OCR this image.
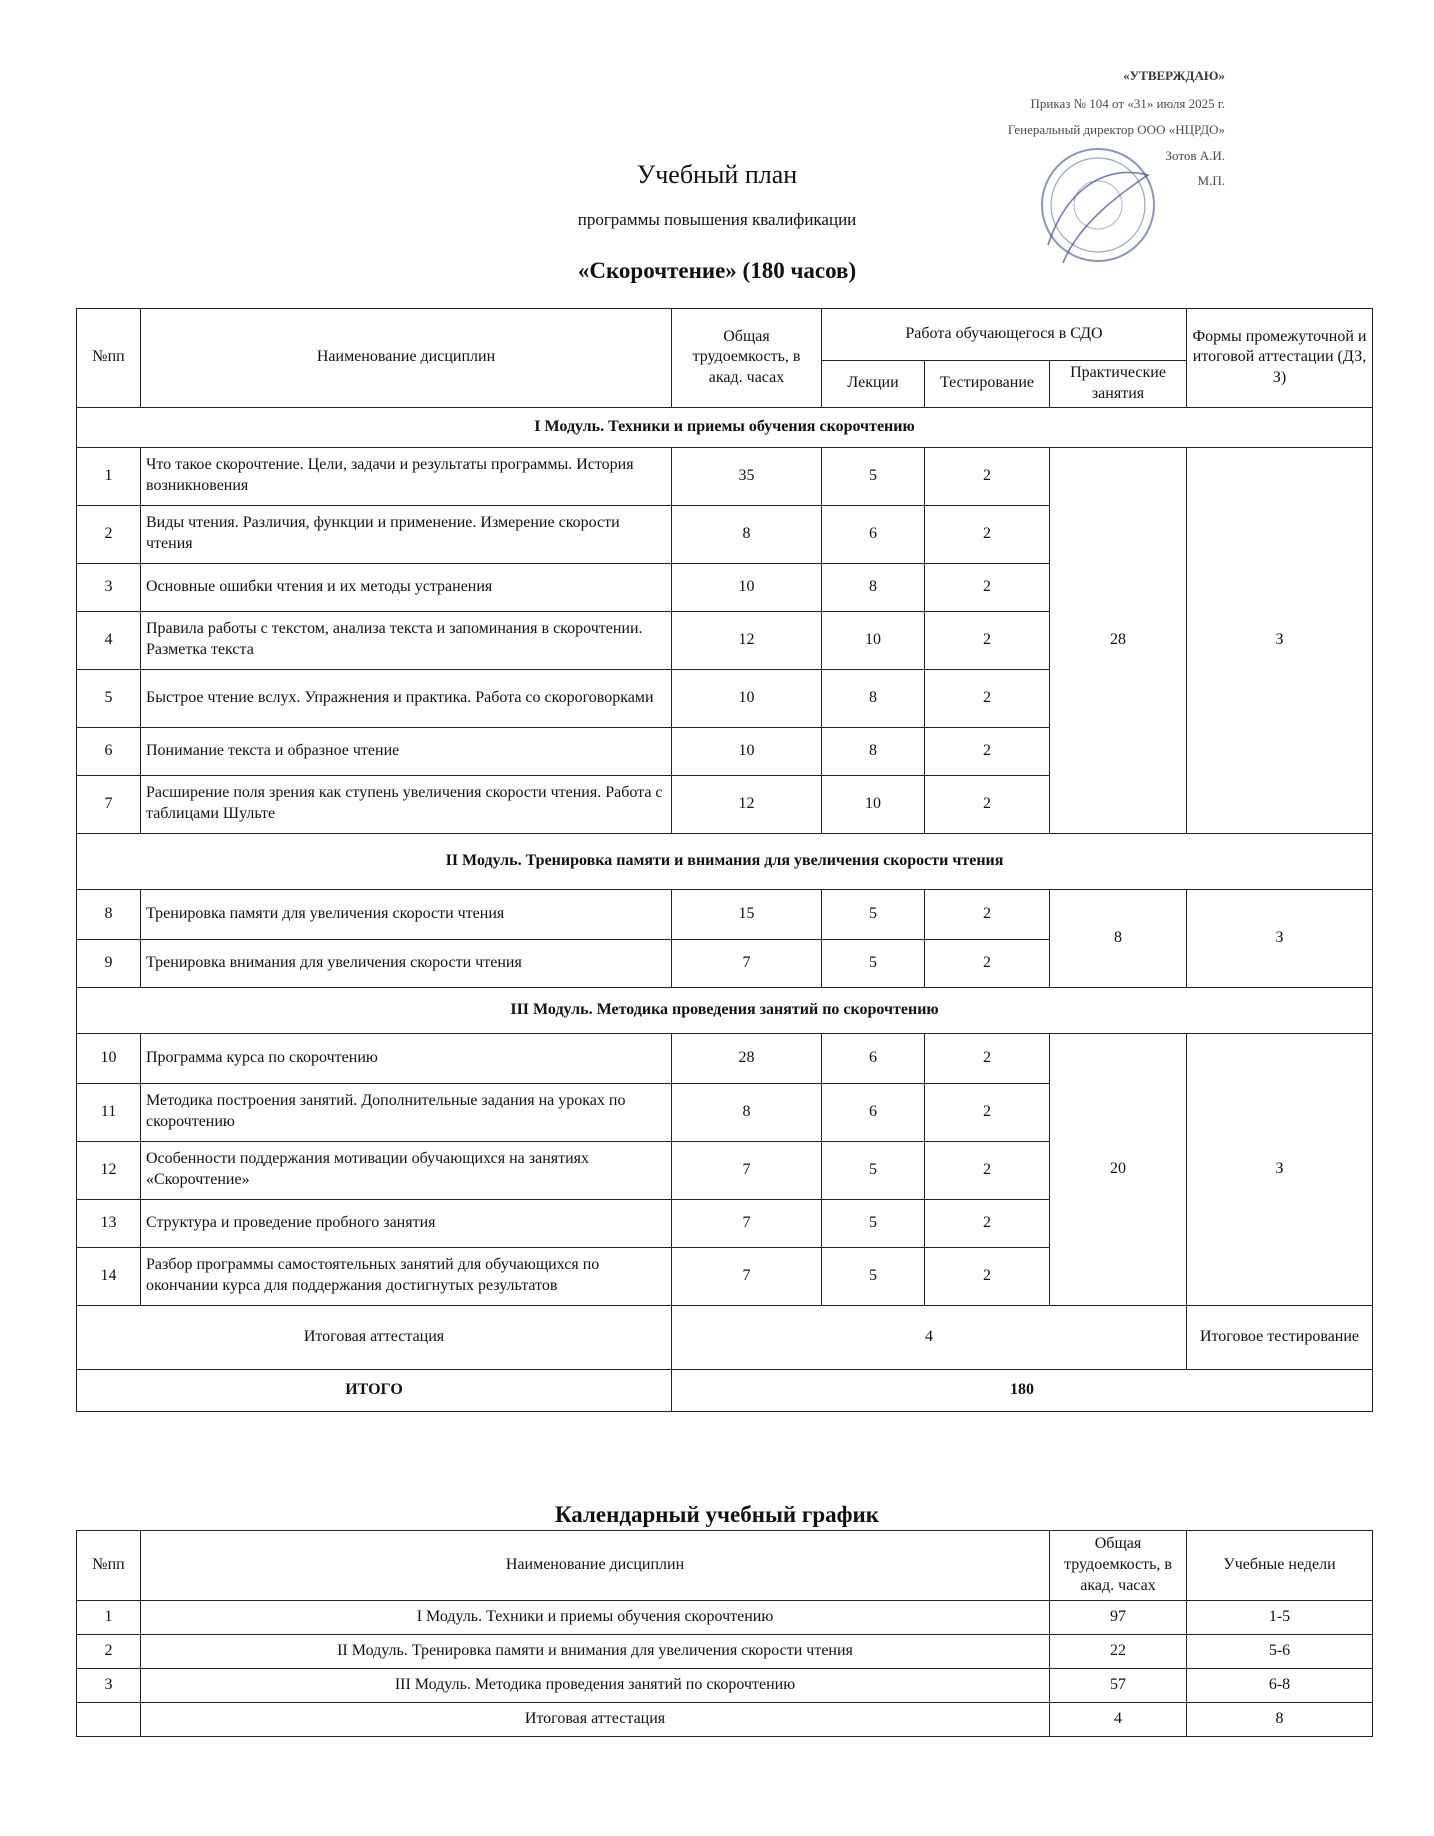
«УТВЕРЖДАЮ»
Приказ № 104 от «31» июля 2025 г.
Генеральный директор ООО «НЦРДО»
Зотов А.И.
М.П.
Учебный план
программы повышения квалификации
«Скорочтение» (180 часов)
№пп	Наименование дисциплин	Общая трудоемкость, в акад. часах	Работа обучающегося в СДО			Формы промежуточной и итоговой аттестации (ДЗ, З)
			Лекции	Тестирование	Практические занятия	
I Модуль. Техники и приемы обучения скорочтению						
1	Что такое скорочтение. Цели, задачи и результаты программы. История возникновения	35	5	2	28	З
2	Виды чтения. Различия, функции и применение. Измерение скорости чтения	8	6	2		
3	Основные ошибки чтения и их методы устранения	10	8	2		
4	Правила работы с текстом, анализа текста и запоминания в скорочтении. Разметка текста	12	10	2		
5	Быстрое чтение вслух. Упражнения и практика. Работа со скороговорками	10	8	2		
6	Понимание текста и образное чтение	10	8	2		
7	Расширение поля зрения как ступень увеличения скорости чтения. Работа с таблицами Шульте	12	10	2		
II Модуль. Тренировка памяти и внимания для увеличения скорости чтения						
8	Тренировка памяти для увеличения скорости чтения	15	5	2	8	З
9	Тренировка внимания для увеличения скорости чтения	7	5	2		
III Модуль. Методика проведения занятий по скорочтению						
10	Программа курса по скорочтению	28	6	2	20	З
11	Методика построения занятий. Дополнительные задания на уроках по скорочтению	8	6	2		
12	Особенности поддержания мотивации обучающихся на занятиях «Скорочтение»	7	5	2		
13	Структура и проведение пробного занятия	7	5	2		
14	Разбор программы самостоятельных занятий для обучающихся по окончании курса для поддержания достигнутых результатов	7	5	2		
Итоговая аттестация		4				Итоговое тестирование
ИТОГО		180				
Календарный учебный график
№пп	Наименование дисциплин	Общая трудоемкость, в акад. часах	Учебные недели
1	I Модуль. Техники и приемы обучения скорочтению	97	1-5
2	II Модуль. Тренировка памяти и внимания для увеличения скорости чтения	22	5-6
3	III Модуль. Методика проведения занятий по скорочтению	57	6-8
	Итоговая аттестация	4	8
